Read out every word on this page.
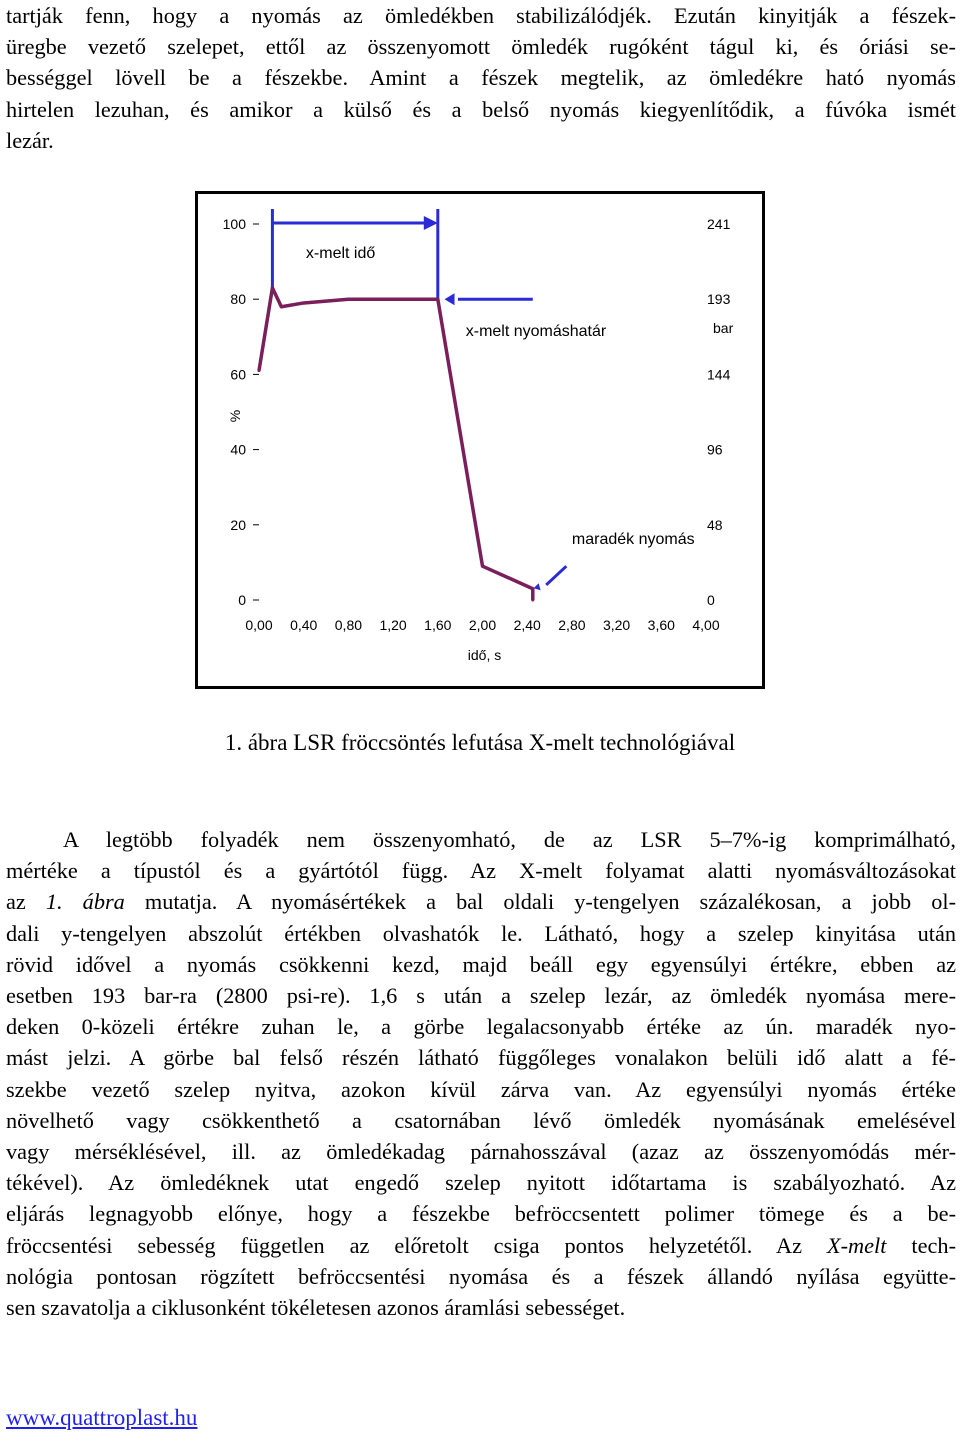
tartják fenn, hogy a nyomás az ömledékben stabilizálódjék. Ezután kinyitják a fészek-
üregbe vezető szelepet, ettől az összenyomott ömledék rugóként tágul ki, és óriási se-
bességgel lövell be a fészekbe. Amint a fészek megtelik, az ömledékre ható nyomás
hirtelen lezuhan, és amikor a külső és a belső nyomás kiegyenlítődik, a fúvóka ismét
lezár.
0
20
40
60
80
100
0
48
96
144
193
241
%
bar
0,00 0,40 0,80 1,20 1,60 2,00 2,40 2,80 3,20 3,60 4,00
idő, s
x-melt idő
x-melt nyomáshatár
maradék nyomás
1. ábra LSR fröccsöntés lefutása X-melt technológiával
A legtöbb folyadék nem összenyomható, de az LSR 5–7%-ig komprimálható,
mértéke a típustól és a gyártótól függ. Az X-melt folyamat alatti nyomásváltozásokat
az 1. ábra mutatja. A nyomásértékek a bal oldali y-tengelyen százalékosan, a jobb ol-
dali y-tengelyen abszolút értékben olvashatók le. Látható, hogy a szelep kinyitása után
rövid idővel a nyomás csökkenni kezd, majd beáll egy egyensúlyi értékre, ebben az
esetben 193 bar-ra (2800 psi-re). 1,6 s után a szelep lezár, az ömledék nyomása mere-
deken 0-közeli értékre zuhan le, a görbe legalacsonyabb értéke az ún. maradék nyo-
mást jelzi. A görbe bal felső részén látható függőleges vonalakon belüli idő alatt a fé-
szekbe vezető szelep nyitva, azokon kívül zárva van. Az egyensúlyi nyomás értéke
növelhető vagy csökkenthető a csatornában lévő ömledék nyomásának emelésével
vagy mérséklésével, ill. az ömledékadag párnahosszával (azaz az összenyomódás mér-
tékével). Az ömledéknek utat engedő szelep nyitott időtartama is szabályozható. Az
eljárás legnagyobb előnye, hogy a fészekbe befröccsentett polimer tömege és a be-
fröccsentési sebesség független az előretolt csiga pontos helyzetétől. Az X-melt tech-
nológia pontosan rögzített befröccsentési nyomása és a fészek állandó nyílása együtte-
sen szavatolja a ciklusonként tökéletesen azonos áramlási sebességet.
www.quattroplast.hu
